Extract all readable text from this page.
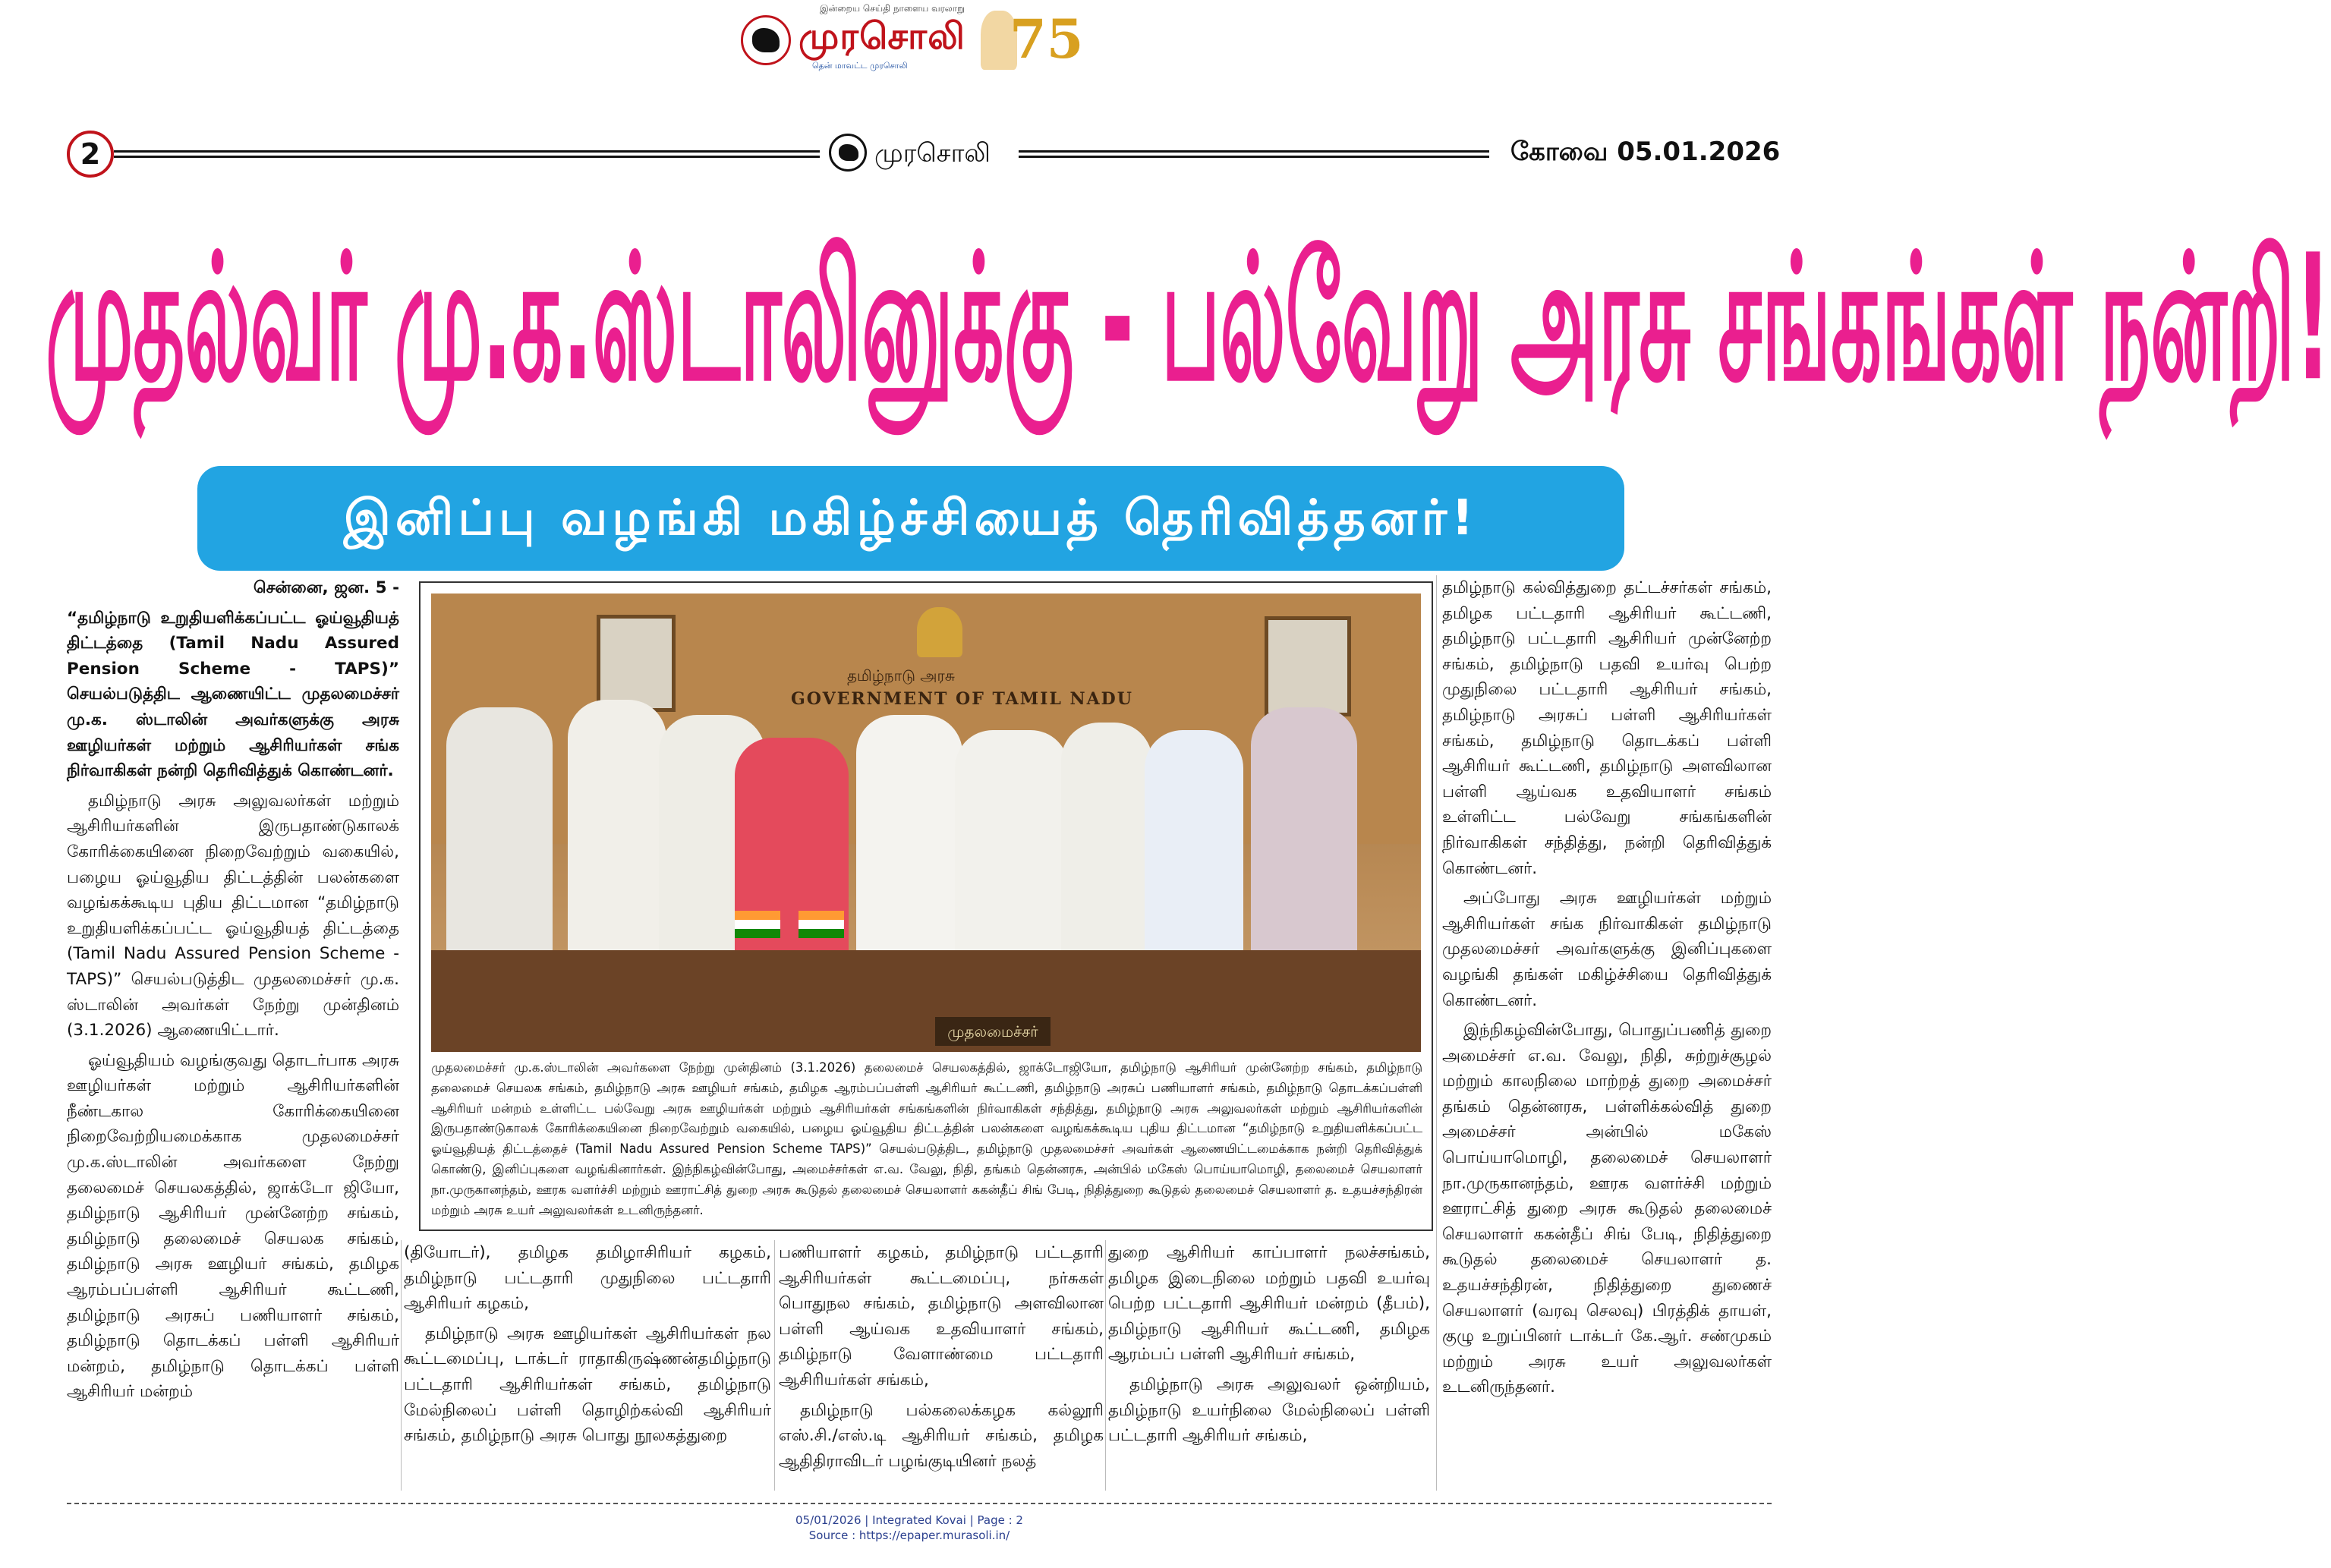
இன்றைய செய்தி நாளைய வரலாறு
முரசொலி
தென் மாவட்ட முரசொலி 75
2	முரசொலி	கோவை 05.01.2026
முதல்வர் மு.க.ஸ்டாலினுக்கு - பல்வேறு அரசு சங்கங்கள் நன்றி!
இனிப்பு வழங்கி மகிழ்ச்சியைத் தெரிவித்தனர்!

சென்னை, ஜன. 5 -

“தமிழ்நாடு உறுதியளிக்கப்பட்ட ஓய்வூதியத் திட்டத்தை (Tamil Nadu Assured Pension Scheme - TAPS)” செயல்படுத்திட ஆணையிட்ட முதலமைச்சர் மு.க. ஸ்டாலின் அவர்களுக்கு அரசு ஊழியர்கள் மற்றும் ஆசிரியர்கள் சங்க நிர்வாகிகள் நன்றி தெரிவித்துக் கொண்டனர்.

தமிழ்நாடு அரசு அலுவலர்கள் மற்றும் ஆசிரியர்களின் இருபதாண்டுகாலக் கோரிக்கையினை நிறைவேற்றும் வகையில், பழைய ஓய்வூதிய திட்டத்தின் பலன்களை வழங்கக்கூடிய புதிய திட்டமான “தமிழ்நாடு உறுதியளிக்கப்பட்ட ஓய்வூதியத் திட்டத்தை (Tamil Nadu Assured Pension Scheme - TAPS)” செயல்படுத்திட முதலமைச்சர் மு.க. ஸ்டாலின் அவர்கள் நேற்று முன்தினம் (3.1.2026) ஆணையிட்டார்.

ஓய்வூதியம் வழங்குவது தொடர்பாக அரசு ஊழியர்கள் மற்றும் ஆசிரியர்களின் நீண்டகால கோரிக்கையினை நிறைவேற்றியமைக்காக முதலமைச்சர் மு.க.ஸ்டாலின் அவர்களை நேற்று தலைமைச் செயலகத்தில், ஜாக்டோ ஜியோ, தமிழ்நாடு ஆசிரியர் முன்னேற்ற சங்கம், தமிழ்நாடு தலைமைச் செயலக சங்கம், தமிழ்நாடு அரசு ஊழியர் சங்கம், தமிழக ஆரம்பப்பள்ளி ஆசிரியர் கூட்டணி, தமிழ்நாடு அரசுப் பணியாளர் சங்கம், தமிழ்நாடு தொடக்கப் பள்ளி ஆசிரியர் மன்றம், தமிழ்நாடு தொடக்கப் பள்ளி ஆசிரியர் மன்றம்

தமிழ்நாடு அரசு
GOVERNMENT OF TAMIL NADU
முதலமைச்சர்
முதலமைச்சர் மு.க.ஸ்டாலின் அவர்களை நேற்று முன்தினம் (3.1.2026) தலைமைச் செயலகத்தில், ஜாக்டோஜியோ, தமிழ்நாடு ஆசிரியர் முன்னேற்ற சங்கம், தமிழ்நாடு தலைமைச் செயலக சங்கம், தமிழ்நாடு அரசு ஊழியர் சங்கம், தமிழக ஆரம்பப்பள்ளி ஆசிரியர் கூட்டணி, தமிழ்நாடு அரசுப் பணியாளர் சங்கம், தமிழ்நாடு தொடக்கப்பள்ளி ஆசிரியர் மன்றம் உள்ளிட்ட பல்வேறு அரசு ஊழியர்கள் மற்றும் ஆசிரியர்கள் சங்கங்களின் நிர்வாகிகள் சந்தித்து, தமிழ்நாடு அரசு அலுவலர்கள் மற்றும் ஆசிரியர்களின் இருபதாண்டுகாலக் கோரிக்கையினை நிறைவேற்றும் வகையில், பழைய ஓய்வூதிய திட்டத்தின் பலன்களை வழங்கக்கூடிய புதிய திட்டமான “தமிழ்நாடு உறுதியளிக்கப்பட்ட ஓய்வூதியத் திட்டத்தைச் (Tamil Nadu Assured Pension Scheme TAPS)” செயல்படுத்திட, தமிழ்நாடு முதலமைச்சர் அவர்கள் ஆணையிட்டமைக்காக நன்றி தெரிவித்துக் கொண்டு, இனிப்புகளை வழங்கினார்கள். இந்நிகழ்வின்போது, அமைச்சர்கள் எ.வ. வேலு, நிதி, தங்கம் தென்னரசு, அன்பில் மகேஸ் பொய்யாமொழி, தலைமைச் செயலாளர் நா.முருகானந்தம், ஊரக வளர்ச்சி மற்றும் ஊராட்சித் துறை அரசு கூடுதல் தலைமைச் செயலாளர் ககன்தீப் சிங் பேடி, நிதித்துறை கூடுதல் தலைமைச் செயலாளர் த. உதயச்சந்திரன் மற்றும் அரசு உயர் அலுவலர்கள் உடனிருந்தனர்.

(தியோடர்), தமிழக தமிழாசிரியர் கழகம், தமிழ்நாடு பட்டதாரி முதுநிலை பட்டதாரி ஆசிரியர் கழகம்,

தமிழ்நாடு அரசு ஊழியர்கள் ஆசிரியர்கள் நல கூட்டமைப்பு, டாக்டர் ராதாகிருஷ்ணன்தமிழ்நாடு பட்டதாரி ஆசிரியர்கள் சங்கம், தமிழ்நாடு மேல்நிலைப் பள்ளி தொழிற்கல்வி ஆசிரியர் சங்கம், தமிழ்நாடு அரசு பொது நூலகத்துறை

பணியாளர் கழகம், தமிழ்நாடு பட்டதாரி ஆசிரியர்கள் கூட்டமைப்பு, நர்சுகள் பொதுநல சங்கம், தமிழ்நாடு அளவிலான பள்ளி ஆய்வக உதவியாளர் சங்கம், தமிழ்நாடு வேளாண்மை பட்டதாரி ஆசிரியர்கள் சங்கம்,

தமிழ்நாடு பல்கலைக்கழக கல்லூரி எஸ்.சி./எஸ்.டி ஆசிரியர் சங்கம், தமிழக ஆதிதிராவிடர் பழங்குடியினர் நலத்

துறை ஆசிரியர் காப்பாளர் நலச்சங்கம், தமிழக இடைநிலை மற்றும் பதவி உயர்வு பெற்ற பட்டதாரி ஆசிரியர் மன்றம் (தீபம்), தமிழ்நாடு ஆசிரியர் கூட்டணி, தமிழக ஆரம்பப் பள்ளி ஆசிரியர் சங்கம்,

தமிழ்நாடு அரசு அலுவலர் ஒன்றியம், தமிழ்நாடு உயர்நிலை மேல்நிலைப் பள்ளி பட்டதாரி ஆசிரியர் சங்கம்,

தமிழ்நாடு கல்வித்துறை தட்டச்சர்கள் சங்கம், தமிழக பட்டதாரி ஆசிரியர் கூட்டணி, தமிழ்நாடு பட்டதாரி ஆசிரியர் முன்னேற்ற சங்கம், தமிழ்நாடு பதவி உயர்வு பெற்ற முதுநிலை பட்டதாரி ஆசிரியர் சங்கம், தமிழ்நாடு அரசுப் பள்ளி ஆசிரியர்கள் சங்கம், தமிழ்நாடு தொடக்கப் பள்ளி ஆசிரியர் கூட்டணி, தமிழ்நாடு அளவிலான பள்ளி ஆய்வக உதவியாளர் சங்கம் உள்ளிட்ட பல்வேறு சங்கங்களின் நிர்வாகிகள் சந்தித்து, நன்றி தெரிவித்துக் கொண்டனர்.

அப்போது அரசு ஊழியர்கள் மற்றும் ஆசிரியர்கள் சங்க நிர்வாகிகள் தமிழ்நாடு முதலமைச்சர் அவர்களுக்கு இனிப்புகளை வழங்கி தங்கள் மகிழ்ச்சியை தெரிவித்துக் கொண்டனர்.

இந்நிகழ்வின்போது, பொதுப்பணித் துறை அமைச்சர் எ.வ. வேலு, நிதி, சுற்றுச்சூழல் மற்றும் காலநிலை மாற்றத் துறை அமைச்சர் தங்கம் தென்னரசு, பள்ளிக்கல்வித் துறை அமைச்சர் அன்பில் மகேஸ் பொய்யாமொழி, தலைமைச் செயலாளர் நா.முருகானந்தம், ஊரக வளர்ச்சி மற்றும் ஊராட்சித் துறை அரசு கூடுதல் தலைமைச் செயலாளர் ககன்தீப் சிங் பேடி, நிதித்துறை கூடுதல் தலைமைச் செயலாளர் த. உதயச்சந்திரன், நிதித்துறை துணைச் செயலாளர் (வரவு செலவு) பிரத்திக் தாயள், குழு உறுப்பினர் டாக்டர் கே.ஆர். சண்முகம் மற்றும் அரசு உயர் அலுவலர்கள் உடனிருந்தனர்.

05/01/2026 | Integrated Kovai | Page : 2
Source : https://epaper.murasoli.in/
